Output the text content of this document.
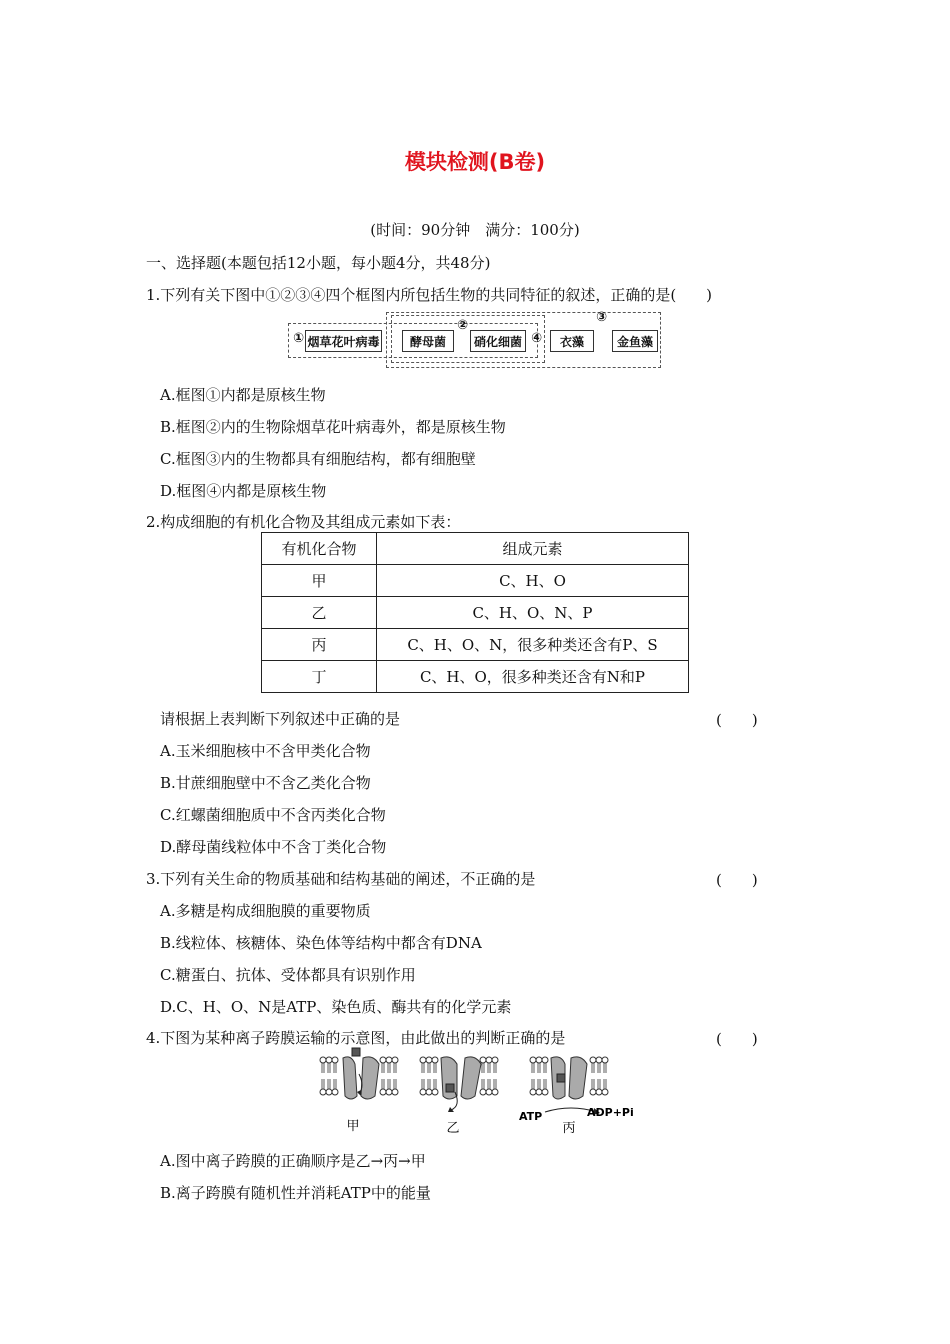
模块检测(B卷)
(时间：90分钟　满分：100分)
一、选择题(本题包括12小题，每小题4分，共48分)
1.下列有关下图中①②③④四个框图内所包括生物的共同特征的叙述，正确的是(　　)
①
②
③
④
烟草花叶病毒	酵母菌	硝化细菌	衣藻	金鱼藻
A.框图①内都是原核生物
B.框图②内的生物除烟草花叶病毒外，都是原核生物
C.框图③内的生物都具有细胞结构，都有细胞壁
D.框图④内都是原核生物
2.构成细胞的有机化合物及其组成元素如下表：
有机化合物	组成元素
甲	C、H、O
乙	C、H、O、N、P
丙	C、H、O、N，很多种类还含有P、S
丁	C、H、O，很多种类还含有N和P
请根据上表判断下列叙述中正确的是	(　　)
A.玉米细胞核中不含甲类化合物
B.甘蔗细胞壁中不含乙类化合物
C.红螺菌细胞质中不含丙类化合物
D.酵母菌线粒体中不含丁类化合物
3.下列有关生命的物质基础和结构基础的阐述，不正确的是	(　　)
A.多糖是构成细胞膜的重要物质
B.线粒体、核糖体、染色体等结构中都含有DNA
C.糖蛋白、抗体、受体都具有识别作用
D.C、H、O、N是ATP、染色质、酶共有的化学元素
4.下图为某种离子跨膜运输的示意图，由此做出的判断正确的是	(　　)
甲	乙	丙
ATP	ADP+Pi
A.图中离子跨膜的正确顺序是乙→丙→甲
B.离子跨膜有随机性并消耗ATP中的能量
